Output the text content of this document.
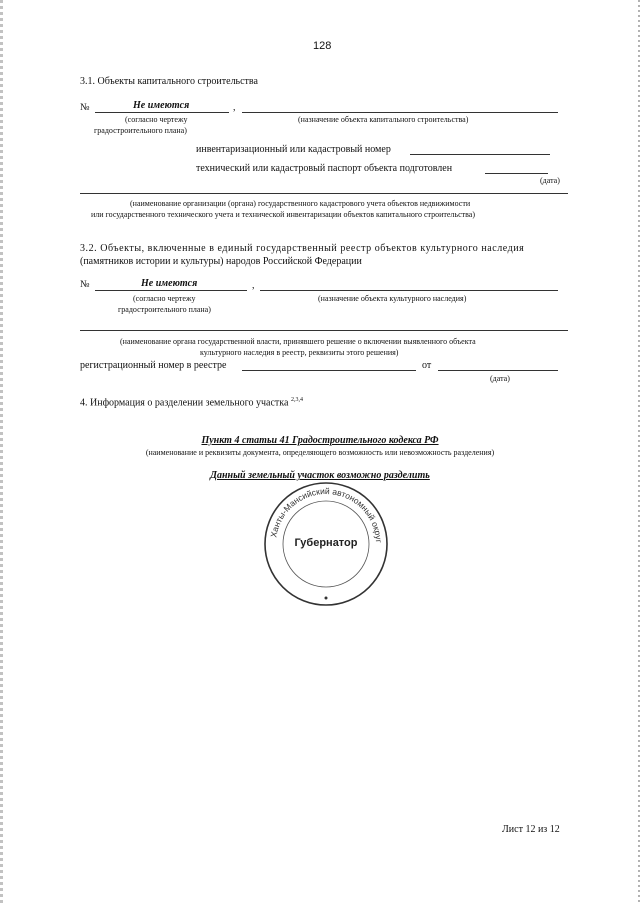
128
3.1. Объекты капитального строительства
№	Не имеются	,
(согласно чертежу
градостроительного плана)
(назначение объекта капитального строительства)
инвентаризационный или кадастровый номер
технический или кадастровый паспорт объекта подготовлен
(дата)
(наименование организации (органа) государственного кадастрового учета объектов недвижимости
или государственного технического учета и технической инвентаризации объектов капитального строительства)
3.2. Объекты, включенные в единый государственный реестр объектов культурного наследия
(памятников истории и культуры) народов Российской Федерации
№	Не имеются	,
(согласно чертежу
градостроительного плана)
(назначение объекта культурного наследия)
(наименование органа государственной власти, принявшего решение о включении выявленного объекта
культурного наследия в реестр, реквизиты этого решения)
регистрационный номер в реестре	от
(дата)
4. Информация о разделении земельного участка $^{2,3,4}$
Пункт 4 статьи 41 Градостроительного кодекса РФ
(наименование и реквизиты документа, определяющего возможность или невозможность разделения)
Данный земельный участок возможно разделить
Ханты-Мансийский автономный округ
Губернатор
Лист 12 из 12
